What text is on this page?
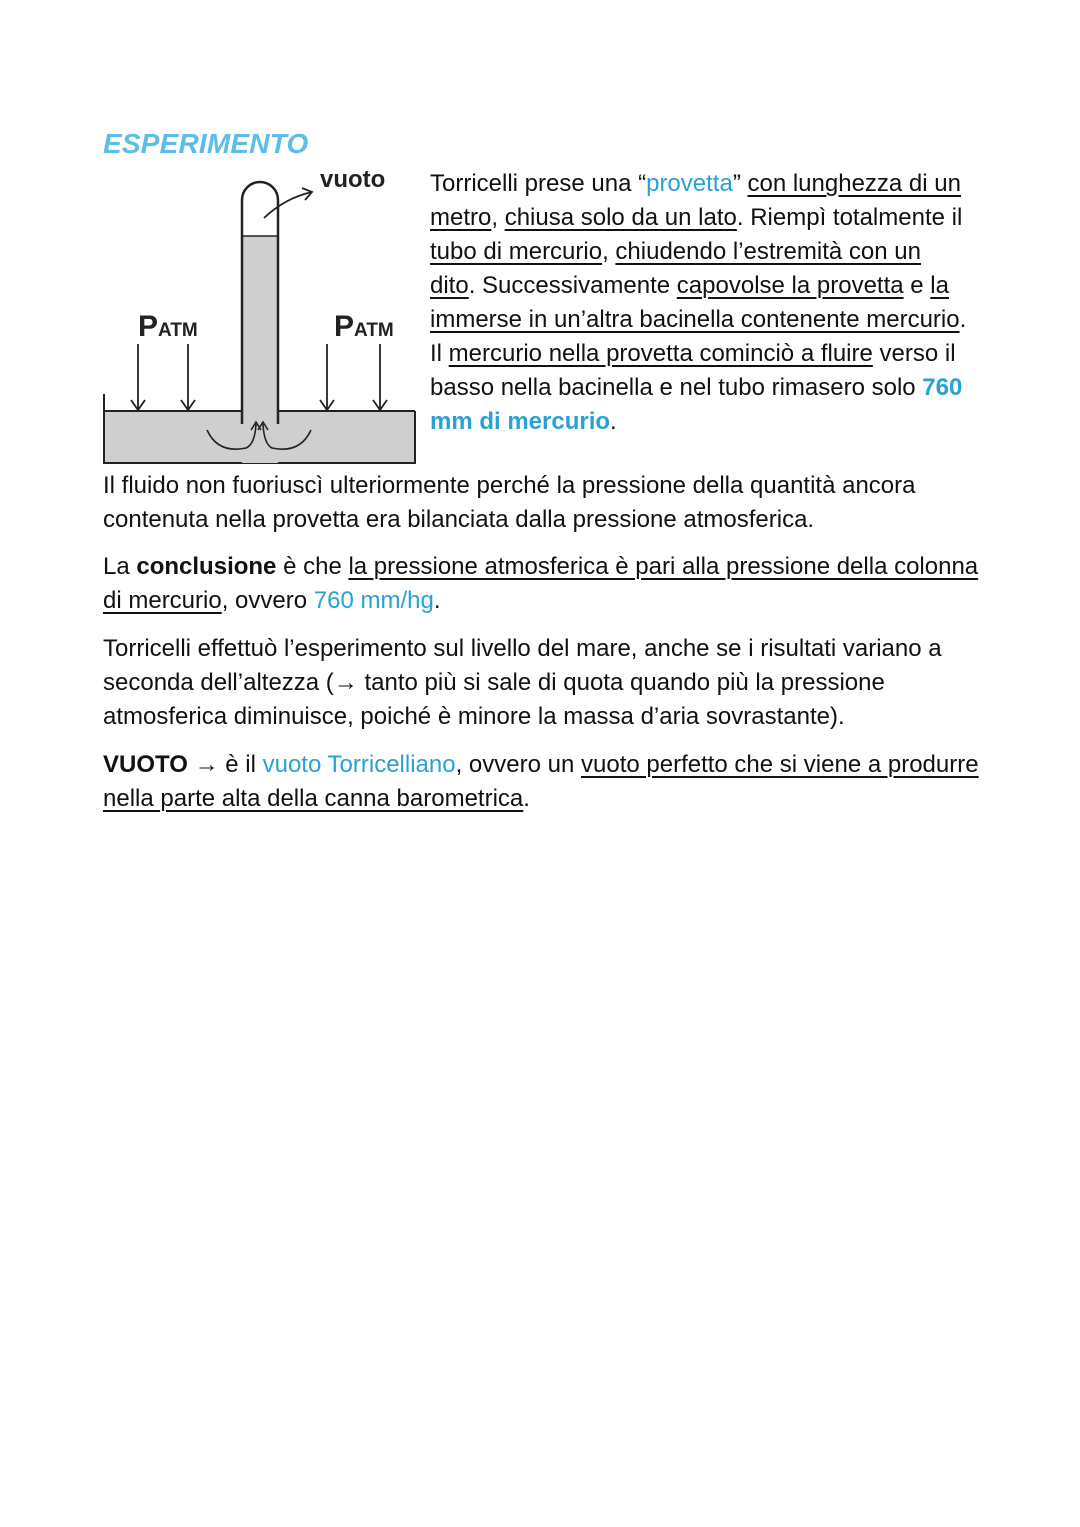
ESPERIMENTO
vuoto
PATM	PATM

Torricelli prese una “provetta” con lunghezza di un metro, chiusa solo da un lato. Riempì totalmente il tubo di mercurio, chiudendo l’estremità con un dito. Successivamente capovolse la provetta e la immerse in un’altra bacinella contenente mercurio. Il mercurio nella provetta cominciò a fluire verso il basso nella bacinella e nel tubo rimasero solo 760 mm di mercurio.

Il fluido non fuoriuscì ulteriormente perché la pressione della quantità ancora contenuta nella provetta era bilanciata dalla pressione atmosferica.

La conclusione è che la pressione atmosferica è pari alla pressione della colonna di mercurio, ovvero 760 mm/hg.

Torricelli effettuò l’esperimento sul livello del mare, anche se i risultati variano a seconda dell’altezza (→ tanto più si sale di quota quando più la pressione atmosferica diminuisce, poiché è minore la massa d’aria sovrastante).

VUOTO → è il vuoto Torricelliano, ovvero un vuoto perfetto che si viene a produrre nella parte alta della canna barometrica.
